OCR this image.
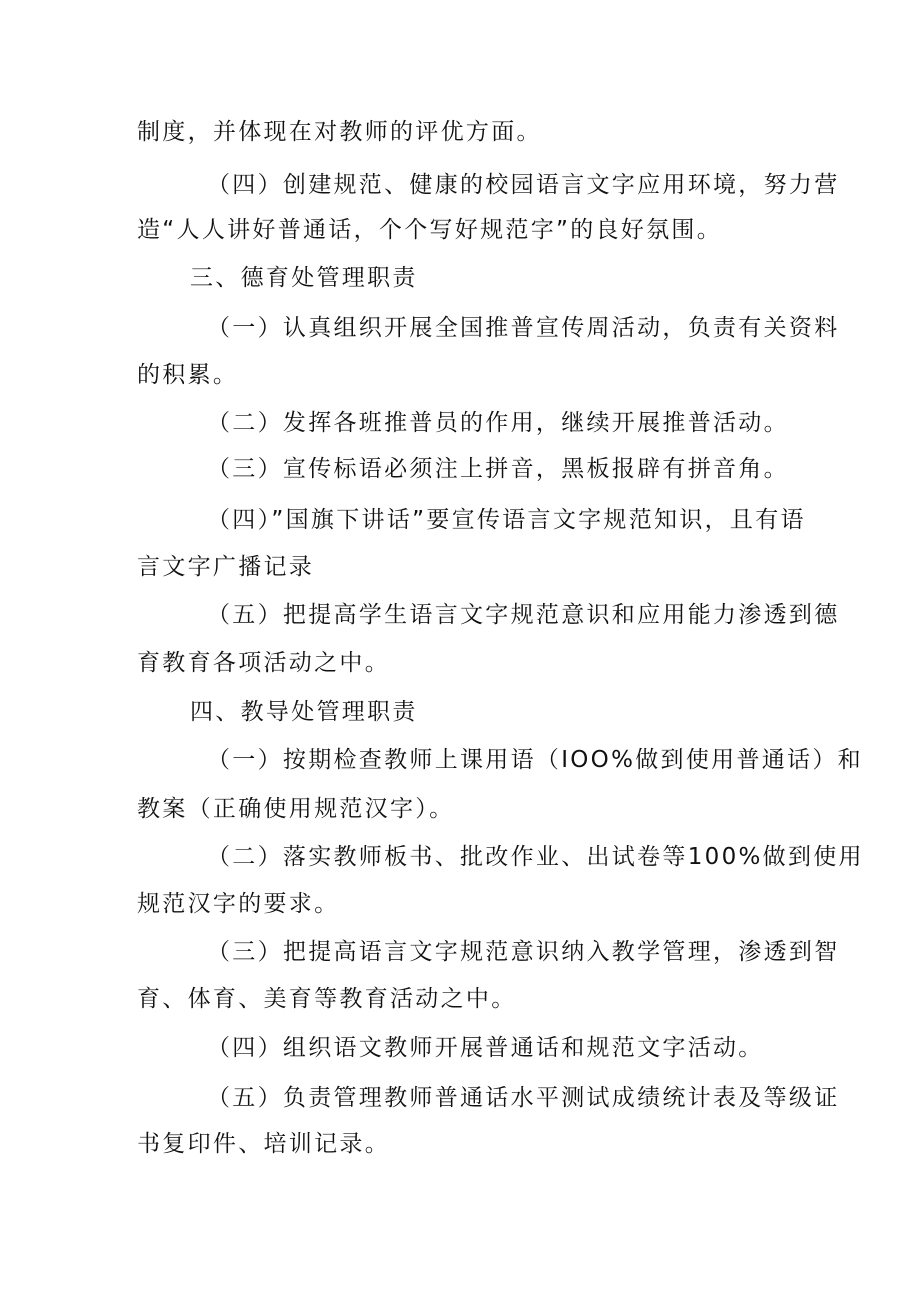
制度，并体现在对教师的评优方面。
（四）创建规范、健康的校园语言文字应用环境，努力营
造“人人讲好普通话，个个写好规范字”的良好氛围。
三、德育处管理职责
（一）认真组织开展全国推普宣传周活动，负责有关资料
的积累。
（二）发挥各班推普员的作用，继续开展推普活动。
（三）宣传标语必须注上拼音，黑板报辟有拼音角。
（四）”国旗下讲话”要宣传语言文字规范知识，且有语
言文字广播记录
（五）把提高学生语言文字规范意识和应用能力渗透到德
育教育各项活动之中。
四、教导处管理职责
（一）按期检查教师上课用语（IOO%做到使用普通话）和
教案（正确使用规范汉字）。
（二）落实教师板书、批改作业、出试卷等100%做到使用
规范汉字的要求。
（三）把提高语言文字规范意识纳入教学管理，渗透到智
育、体育、美育等教育活动之中。
（四）组织语文教师开展普通话和规范文字活动。
（五）负责管理教师普通话水平测试成绩统计表及等级证
书复印件、培训记录。
